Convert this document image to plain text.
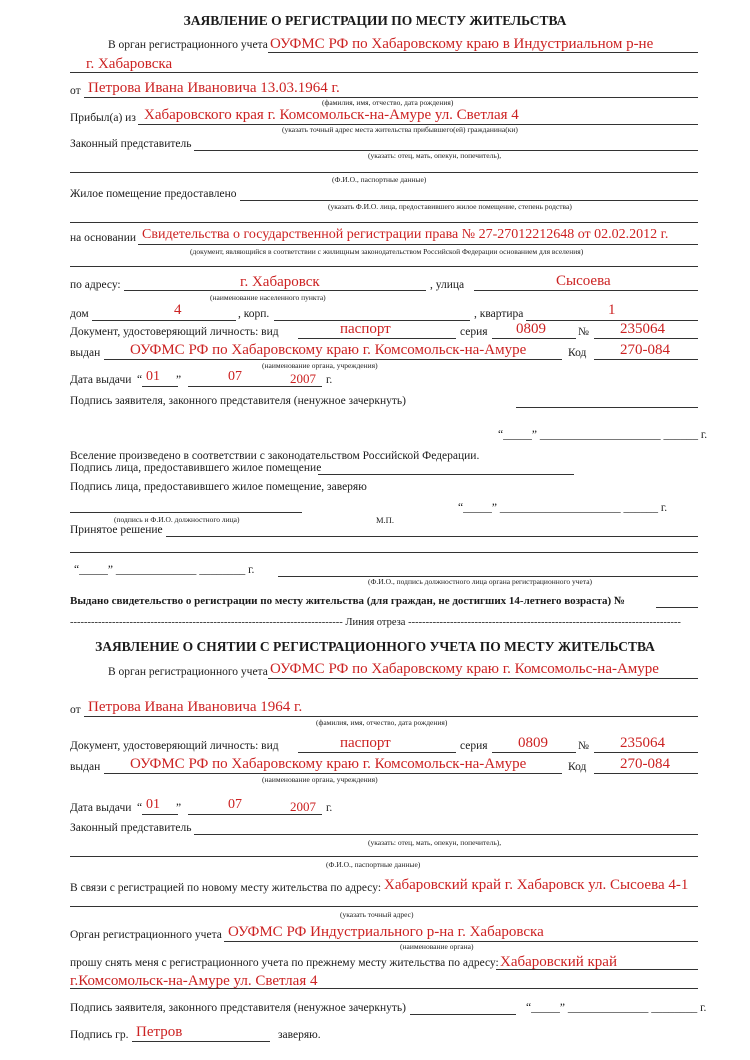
ЗАЯВЛЕНИЕ О РЕГИСТРАЦИИ ПО МЕСТУ ЖИТЕЛЬСТВА
В орган регистрационного учета ОУФМС РФ по Хабаровскому краю в Индустриальном р-не
г. Хабаровска
от Петрова Ивана Ивановича 13.03.1964 г.
(фамилия, имя, отчество, дата рождения)
Прибыл(а) из Хабаровского края г. Комсомольск-на-Амуре ул. Светлая 4
(указать точный адрес места жительства прибывшего(ей) гражданина(ки)
Законный представитель
(указать: отец, мать, опекун, попечитель),
(Ф.И.О., паспортные данные)
Жилое помещение предоставлено
(указать Ф.И.О. лица, предоставившего жилое помещение, степень родства)
на основании Свидетельства о государственной регистрации права № 27-27012212648 от 02.02.2012 г.
(документ, являющийся в соответствии с жилищным законодательством Российской Федерации основанием для вселения)
по адресу:	г. Хабаровск	, улица	Сысоева
(наименование населенного пункта)
дом	4	, корп.	, квартира	1
Документ, удостоверяющий личность: вид	паспорт	серия 0809	№ 235064
выдан ОУФМС РФ по Хабаровскому краю г. Комсомольск-на-Амуре	Код 270-084
(наименование органа, учреждения)
Дата выдачи “ 01 ”	07	2007 г.
Подпись заявителя, законного представителя (ненужное зачеркнуть)
“_____” _____________________ ______ г.
Вселение произведено в соответствии с законодательством Российской Федерации.
Подпись лица, предоставившего жилое помещение
Подпись лица, предоставившего жилое помещение, заверяю
“_____” _____________________ ______ г.
(подпись и Ф.И.О. должностного лица)	М.П.
Принятое решение
“_____” ______________ ________ г.
(Ф.И.О., подпись должностного лица органа регистрационного учета)
Выдано свидетельство о регистрации по месту жительства (для граждан, не достигших 14-летнего возраста) №
------------------------------------------------------------------------------ Линия отреза ------------------------------------------------------------------------------
ЗАЯВЛЕНИЕ О СНЯТИИ С РЕГИСТРАЦИОННОГО УЧЕТА ПО МЕСТУ ЖИТЕЛЬСТВА
В орган регистрационного учета ОУФМС РФ по Хабаровскому краю г. Комсомольс-на-Амуре
от Петрова Ивана Ивановича 1964 г.
(фамилия, имя, отчество, дата рождения)
Документ, удостоверяющий личность: вид	паспорт	серия 0809	№ 235064
выдан ОУФМС РФ по Хабаровскому краю г. Комсомольск-на-Амуре	Код 270-084
(наименование органа, учреждения)
Дата выдачи “ 01 ”	07	2007 г.
Законный представитель
(указать: отец, мать, опекун, попечитель),
(Ф.И.О., паспортные данные)
В связи с регистрацией по новому месту жительства по адресу: Хабаровский край г. Хабаровск ул. Сысоева 4-1
(указать точный адрес)
Орган регистрационного учета ОУФМС РФ Индустриального р-на г. Хабаровска
(наименование органа)
прошу снять меня с регистрационного учета по прежнему месту жительства по адресу: Хабаровский край
г.Комсомольск-на-Амуре ул. Светлая 4
Подпись заявителя, законного представителя (ненужное зачеркнуть)	“_____” ______________ ________ г.
Подпись гр. Петров	заверяю.
